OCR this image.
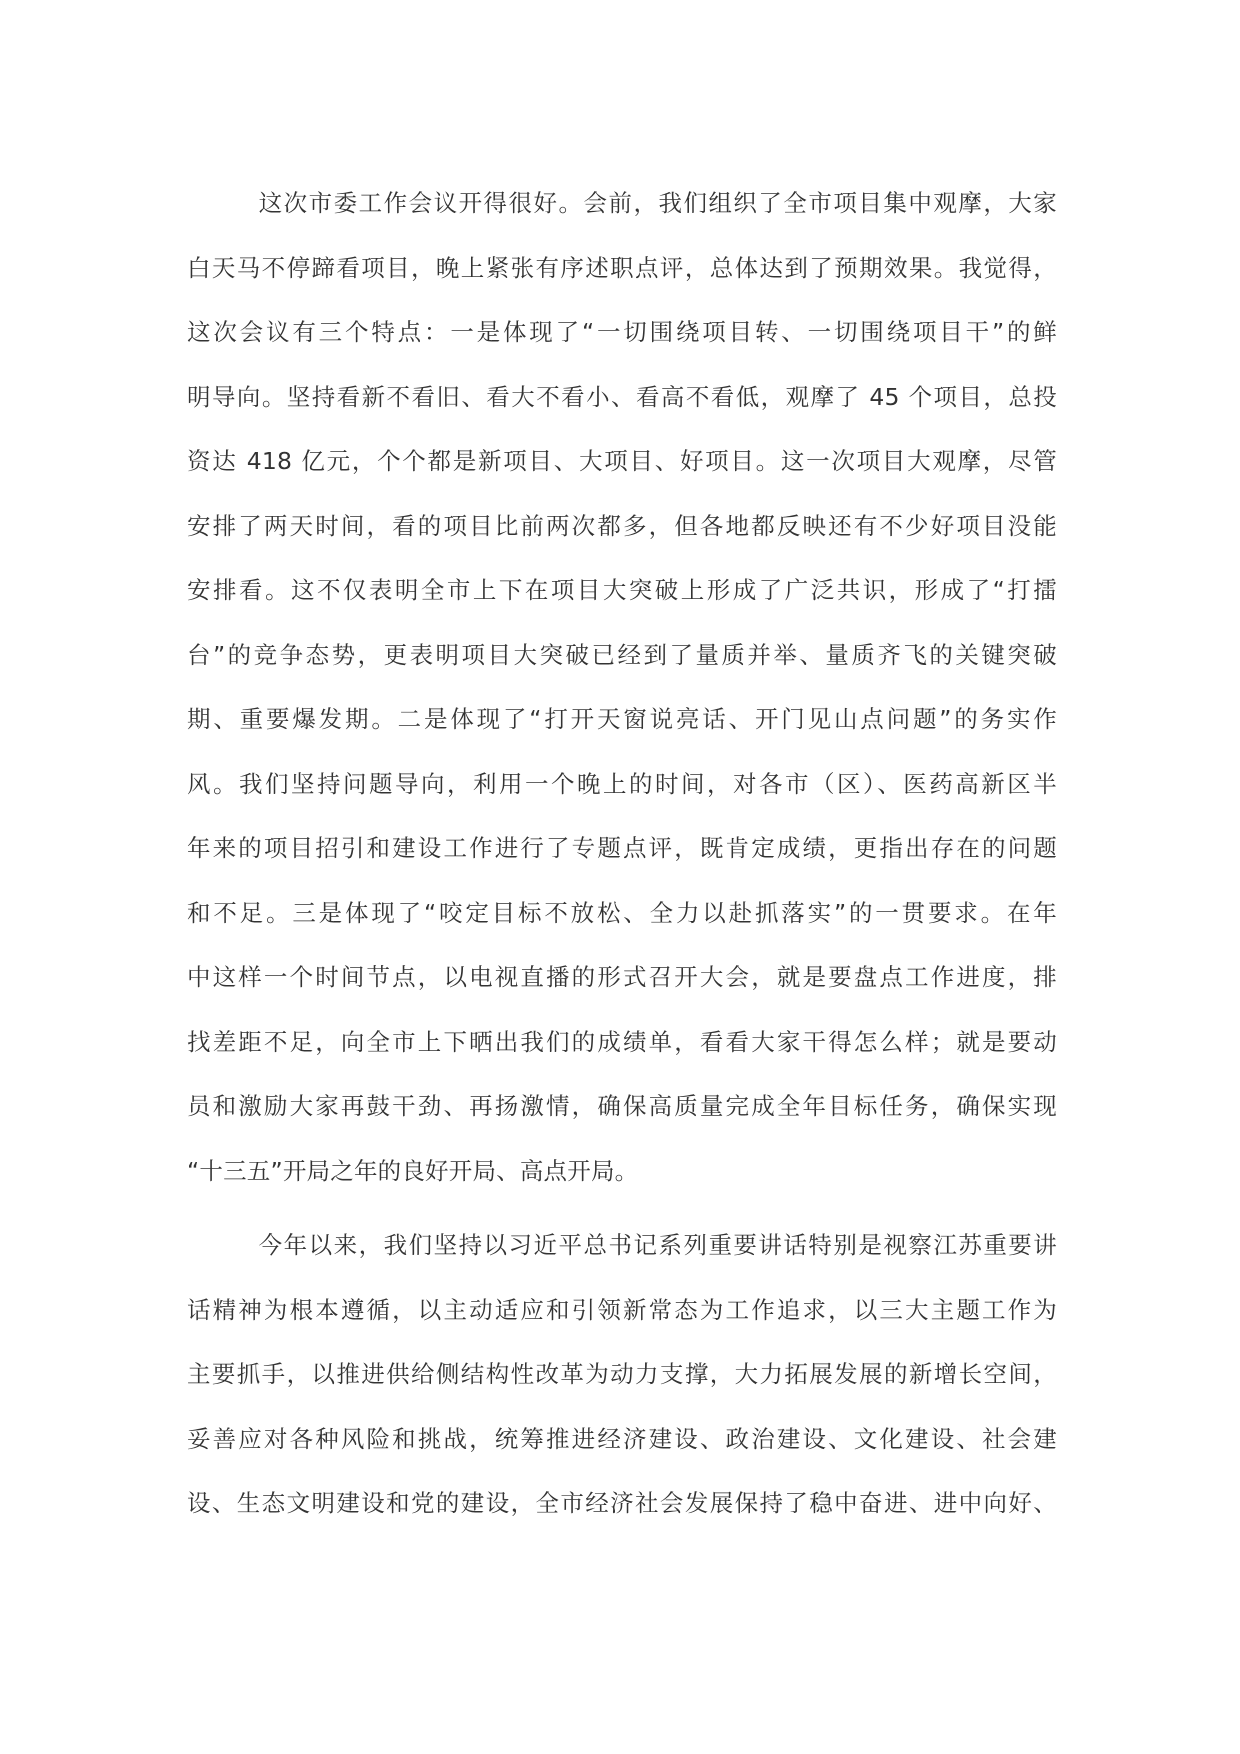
这次市委工作会议开得很好。会前，我们组织了全市项目集中观摩，大家
白天马不停蹄看项目，晚上紧张有序述职点评，总体达到了预期效果。我觉得，
这次会议有三个特点：一是体现了“一切围绕项目转、一切围绕项目干”的鲜
明导向。坚持看新不看旧、看大不看小、看高不看低，观摩了 45 个项目，总投
资达 418 亿元，个个都是新项目、大项目、好项目。这一次项目大观摩，尽管
安排了两天时间，看的项目比前两次都多，但各地都反映还有不少好项目没能
安排看。这不仅表明全市上下在项目大突破上形成了广泛共识，形成了“打擂
台”的竞争态势，更表明项目大突破已经到了量质并举、量质齐飞的关键突破
期、重要爆发期。二是体现了“打开天窗说亮话、开门见山点问题”的务实作
风。我们坚持问题导向，利用一个晚上的时间，对各市（区）、医药高新区半
年来的项目招引和建设工作进行了专题点评，既肯定成绩，更指出存在的问题
和不足。三是体现了“咬定目标不放松、全力以赴抓落实”的一贯要求。在年
中这样一个时间节点，以电视直播的形式召开大会，就是要盘点工作进度，排
找差距不足，向全市上下晒出我们的成绩单，看看大家干得怎么样；就是要动
员和激励大家再鼓干劲、再扬激情，确保高质量完成全年目标任务，确保实现
“十三五”开局之年的良好开局、高点开局。
今年以来，我们坚持以习近平总书记系列重要讲话特别是视察江苏重要讲
话精神为根本遵循，以主动适应和引领新常态为工作追求，以三大主题工作为
主要抓手，以推进供给侧结构性改革为动力支撑，大力拓展发展的新增长空间，
妥善应对各种风险和挑战，统筹推进经济建设、政治建设、文化建设、社会建
设、生态文明建设和党的建设，全市经济社会发展保持了稳中奋进、进中向好、
